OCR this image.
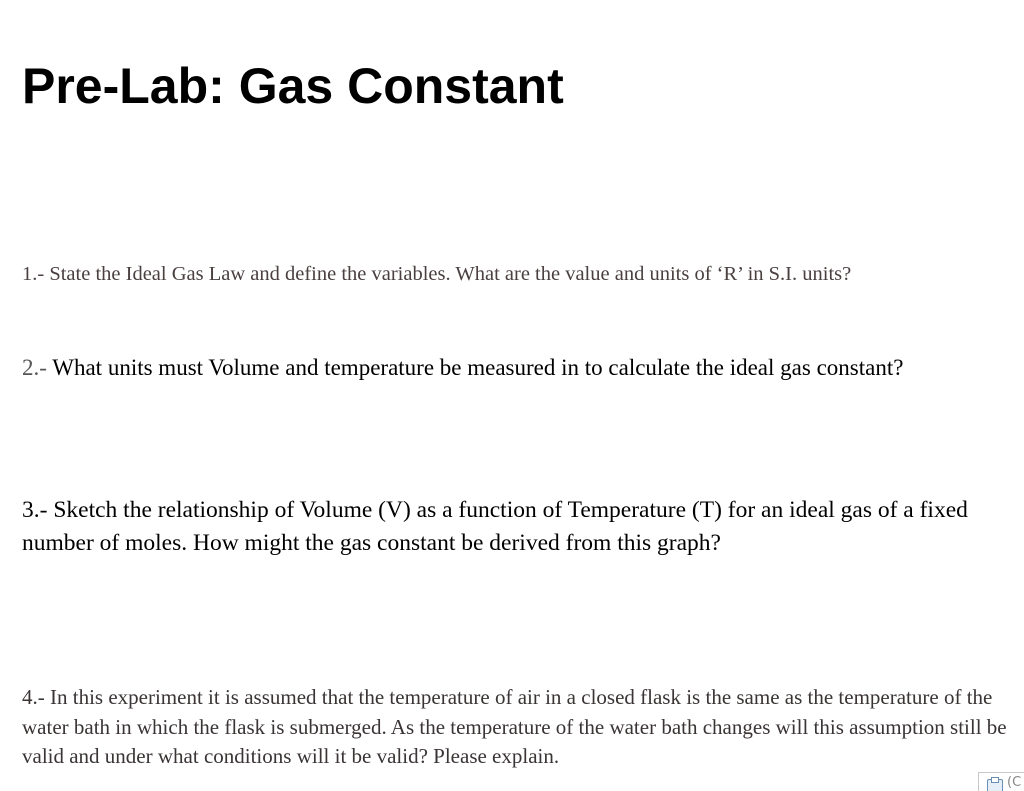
Pre-Lab: Gas Constant

1.- State the Ideal Gas Law and define the variables. What are the value and units of ‘R’ in S.I. units?

2.- What units must Volume and temperature be measured in to calculate the ideal gas constant?

3.- Sketch the relationship of Volume (V) as a function of Temperature (T) for an ideal gas of a fixed number of moles. How might the gas constant be derived from this graph?

4.- In this experiment it is assumed that the temperature of air in a closed flask is the same as the temperature of the water bath in which the flask is submerged. As the temperature of the water bath changes will this assumption still be valid and under what conditions will it be valid? Please explain.

(C
